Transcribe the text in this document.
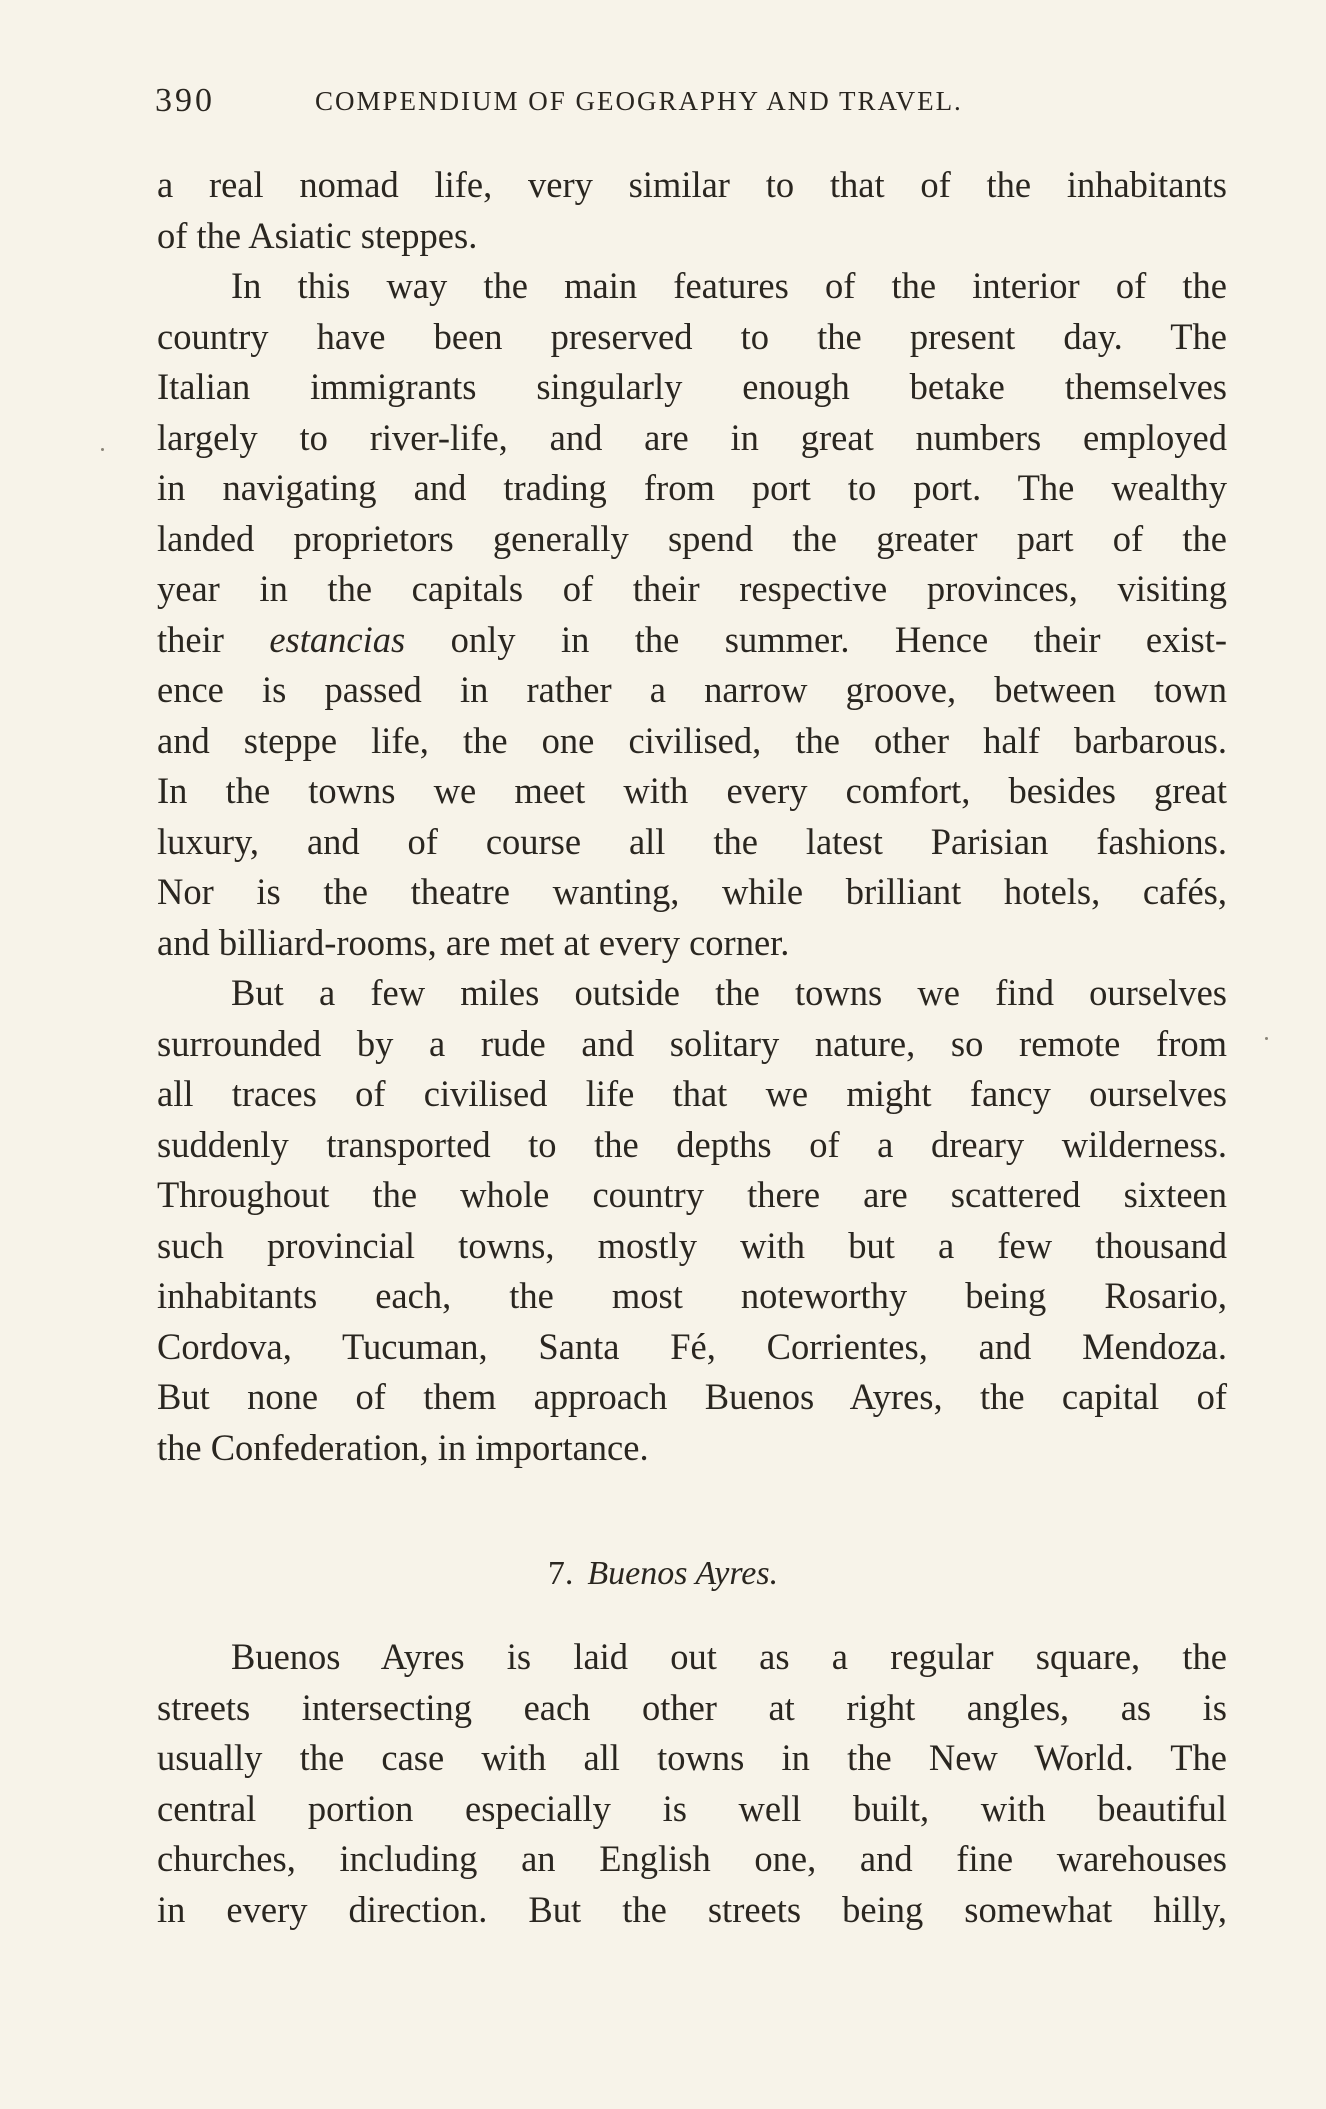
390	COMPENDIUM OF GEOGRAPHY AND TRAVEL.
a real nomad life, very similar to that of the inhabitants
of the Asiatic steppes.
In this way the main features of the interior of the
country have been preserved to the present day. The
Italian immigrants singularly enough betake themselves
largely to river-life, and are in great numbers employed
in navigating and trading from port to port. The wealthy
landed proprietors generally spend the greater part of the
year in the capitals of their respective provinces, visiting
their estancias only in the summer. Hence their exist-
ence is passed in rather a narrow groove, between town
and steppe life, the one civilised, the other half barbarous.
In the towns we meet with every comfort, besides great
luxury, and of course all the latest Parisian fashions.
Nor is the theatre wanting, while brilliant hotels, cafés,
and billiard-rooms, are met at every corner.
But a few miles outside the towns we find ourselves
surrounded by a rude and solitary nature, so remote from
all traces of civilised life that we might fancy ourselves
suddenly transported to the depths of a dreary wilderness.
Throughout the whole country there are scattered sixteen
such provincial towns, mostly with but a few thousand
inhabitants each, the most noteworthy being Rosario,
Cordova, Tucuman, Santa Fé, Corrientes, and Mendoza.
But none of them approach Buenos Ayres, the capital of
the Confederation, in importance.
7. Buenos Ayres.
Buenos Ayres is laid out as a regular square, the
streets intersecting each other at right angles, as is
usually the case with all towns in the New World. The
central portion especially is well built, with beautiful
churches, including an English one, and fine warehouses
in every direction. But the streets being somewhat hilly,
